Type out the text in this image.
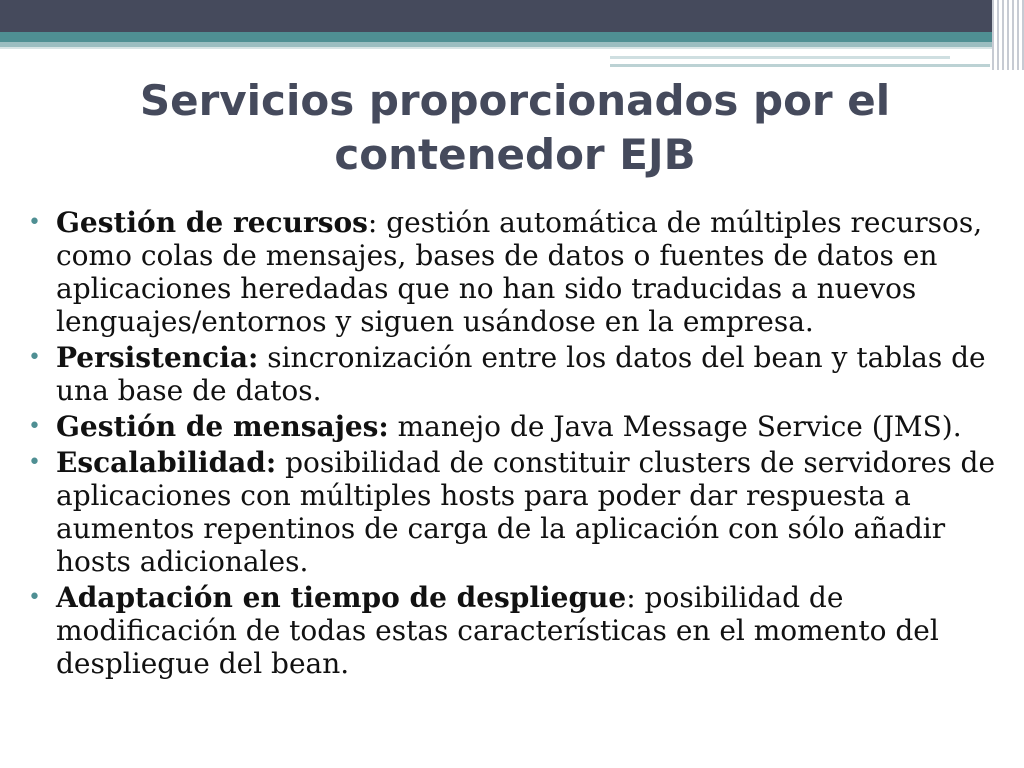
Servicios proporcionados por el contenedor EJB
• Gestión de recursos: gestión automática de múltiples recursos, como colas de mensajes, bases de datos o fuentes de datos en aplicaciones heredadas que no han sido traducidas a nuevos lenguajes/entornos y siguen usándose en la empresa.
• Persistencia: sincronización entre los datos del bean y tablas de una base de datos.
• Gestión de mensajes: manejo de Java Message Service (JMS).
• Escalabilidad: posibilidad de constituir clusters de servidores de aplicaciones con múltiples hosts para poder dar respuesta a aumentos repentinos de carga de la aplicación con sólo añadir hosts adicionales.
• Adaptación en tiempo de despliegue: posibilidad de modificación de todas estas características en el momento del despliegue del bean.
